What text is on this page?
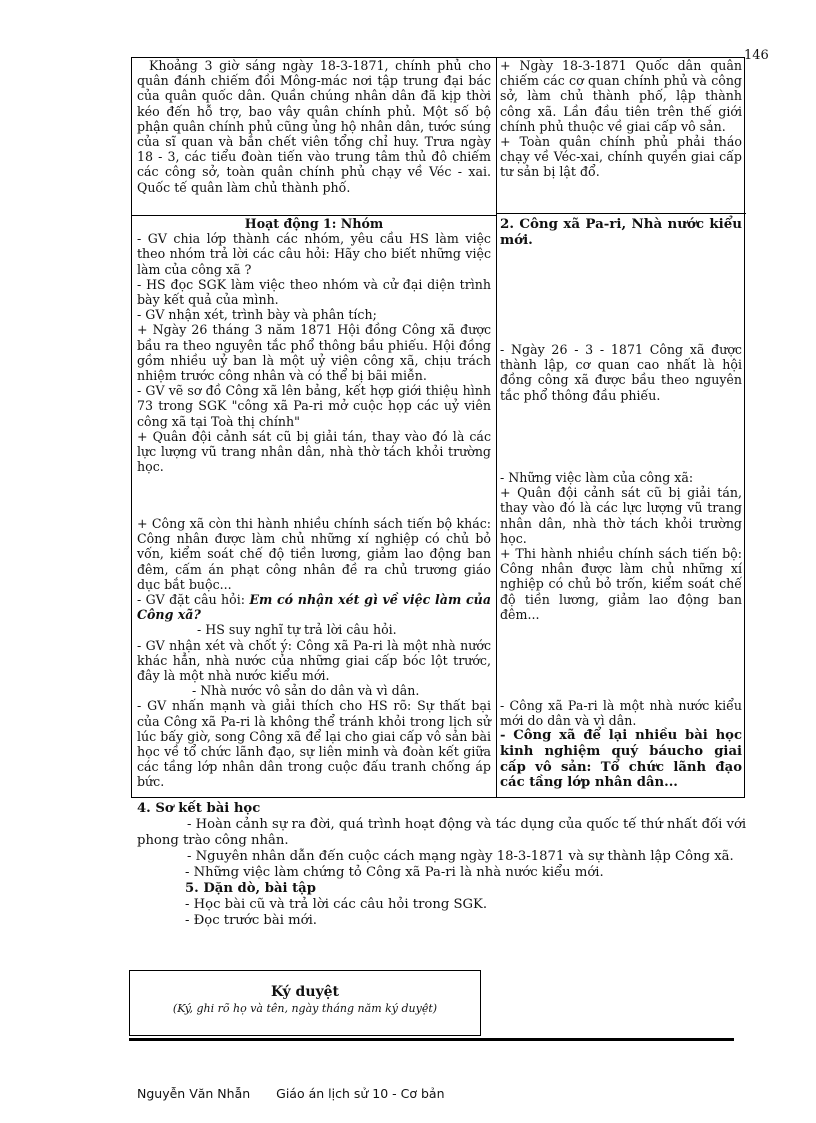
146

Khoảng 3 giờ sáng ngày 18-3-1871, chính phủ cho quân đánh chiếm đồi Mông-mác nơi tập trung đại bác của quân quốc dân. Quần chúng nhân dân đã kịp thời kéo đến hỗ trợ, bao vây quân chính phủ. Một số bộ phận quân chính phủ cũng ủng hộ nhân dân, tước súng của sĩ quan và bắn chết viên tổng chỉ huy. Trưa ngày 18 - 3, các tiểu đoàn tiến vào trung tâm thủ đô chiếm các công sở, toàn quân chính phủ chạy về Véc - xai. Quốc tế quân làm chủ thành phố.

Hoạt động 1: Nhóm

- GV chia lớp thành các nhóm, yêu cầu HS làm việc theo nhóm trả lời các câu hỏi: Hãy cho biết những việc làm của công xã ?

- HS đọc SGK làm việc theo nhóm và cử đại diện trình bày kết quả của mình.

- GV nhận xét, trình bày và phân tích;

+ Ngày 26 tháng 3 năm 1871 Hội đồng Công xã được bầu ra theo nguyên tắc phổ thông bầu phiếu. Hội đồng gồm nhiều uỷ ban là một uỷ viên công xã, chịu trách nhiệm trước công nhân và có thể bị bãi miễn.

- GV vẽ sơ đồ Công xã lên bảng, kết hợp giới thiệu hình 73 trong SGK "công xã Pa-ri mở cuộc họp các uỷ viên công xã tại Toà thị chính"

+ Quân đội cảnh sát cũ bị giải tán, thay vào đó là các lực lượng vũ trang nhân dân, nhà thờ tách khỏi trường học.

+ Công xã còn thi hành nhiều chính sách tiến bộ khác: Công nhân được làm chủ những xí nghiệp có chủ bỏ vốn, kiểm soát chế độ tiền lương, giảm lao động ban đêm, cấm án phạt công nhân đề ra chủ trương giáo dục bắt buộc...

- GV đặt câu hỏi: Em có nhận xét gì về việc làm của Công xã?

- HS suy nghĩ tự trả lời câu hỏi.

- GV nhận xét và chốt ý: Công xã Pa-ri là một nhà nước khác hẳn, nhà nước của những giai cấp bóc lột trước, đây là một nhà nước kiểu mới.

- Nhà nước vô sản do dân và vì dân.

- GV nhấn mạnh và giải thích cho HS rõ: Sự thất bại của Công xã Pa-ri là không thể tránh khỏi trong lịch sử lúc bấy giờ, song Công xã để lại cho giai cấp vô sản bài học về tổ chức lãnh đạo, sự liên minh và đoàn kết giữa các tầng lớp nhân dân trong cuộc đấu tranh chống áp bức.

+ Ngày 18-3-1871 Quốc dân quân chiếm các cơ quan chính phủ và công sở, làm chủ thành phố, lập thành công xã. Lần đầu tiên trên thế giới chính phủ thuộc về giai cấp vô sản.

+ Toàn quân chính phủ phải tháo chạy về Véc-xai, chính quyền giai cấp tư sản bị lật đổ.

2. Công xã Pa-ri, Nhà nước kiểu mới.

- Ngày 26 - 3 - 1871 Công xã được thành lập, cơ quan cao nhất là hội đồng công xã được bầu theo nguyên tắc phổ thông đầu phiếu.

- Những việc làm của công xã:

+ Quân đội cảnh sát cũ bị giải tán, thay vào đó là các lực lượng vũ trang nhân dân, nhà thờ tách khỏi trường học.

+ Thi hành nhiều chính sách tiến bộ: Công nhân được làm chủ những xí nghiệp có chủ bỏ trốn, kiểm soát chế độ tiền lương, giảm lao động ban đêm...

- Công xã Pa-ri là một nhà nước kiểu mới do dân và vì dân.

- Công xã để lại nhiều bài học kinh nghiệm quý báucho giai cấp vô sản: Tổ chức lãnh đạo các tầng lớp nhân dân...

4. Sơ kết bài học

- Hoàn cảnh sự ra đời, quá trình hoạt động và tác dụng của quốc tế thứ nhất đối với phong trào công nhân.

- Nguyên nhân dẫn đến cuộc cách mạng ngày 18-3-1871 và sự thành lập Công xã.

- Những việc làm chứng tỏ Công xã Pa-ri là nhà nước kiểu mới.

5. Dặn dò, bài tập

- Học bài cũ và trả lời các câu hỏi trong SGK.

- Đọc trước bài mới.

Ký duyệt
(Ký, ghi rõ họ và tên, ngày tháng năm ký duyệt)
Nguyễn Văn Nhẫn Giáo án lịch sử 10 - Cơ bản
